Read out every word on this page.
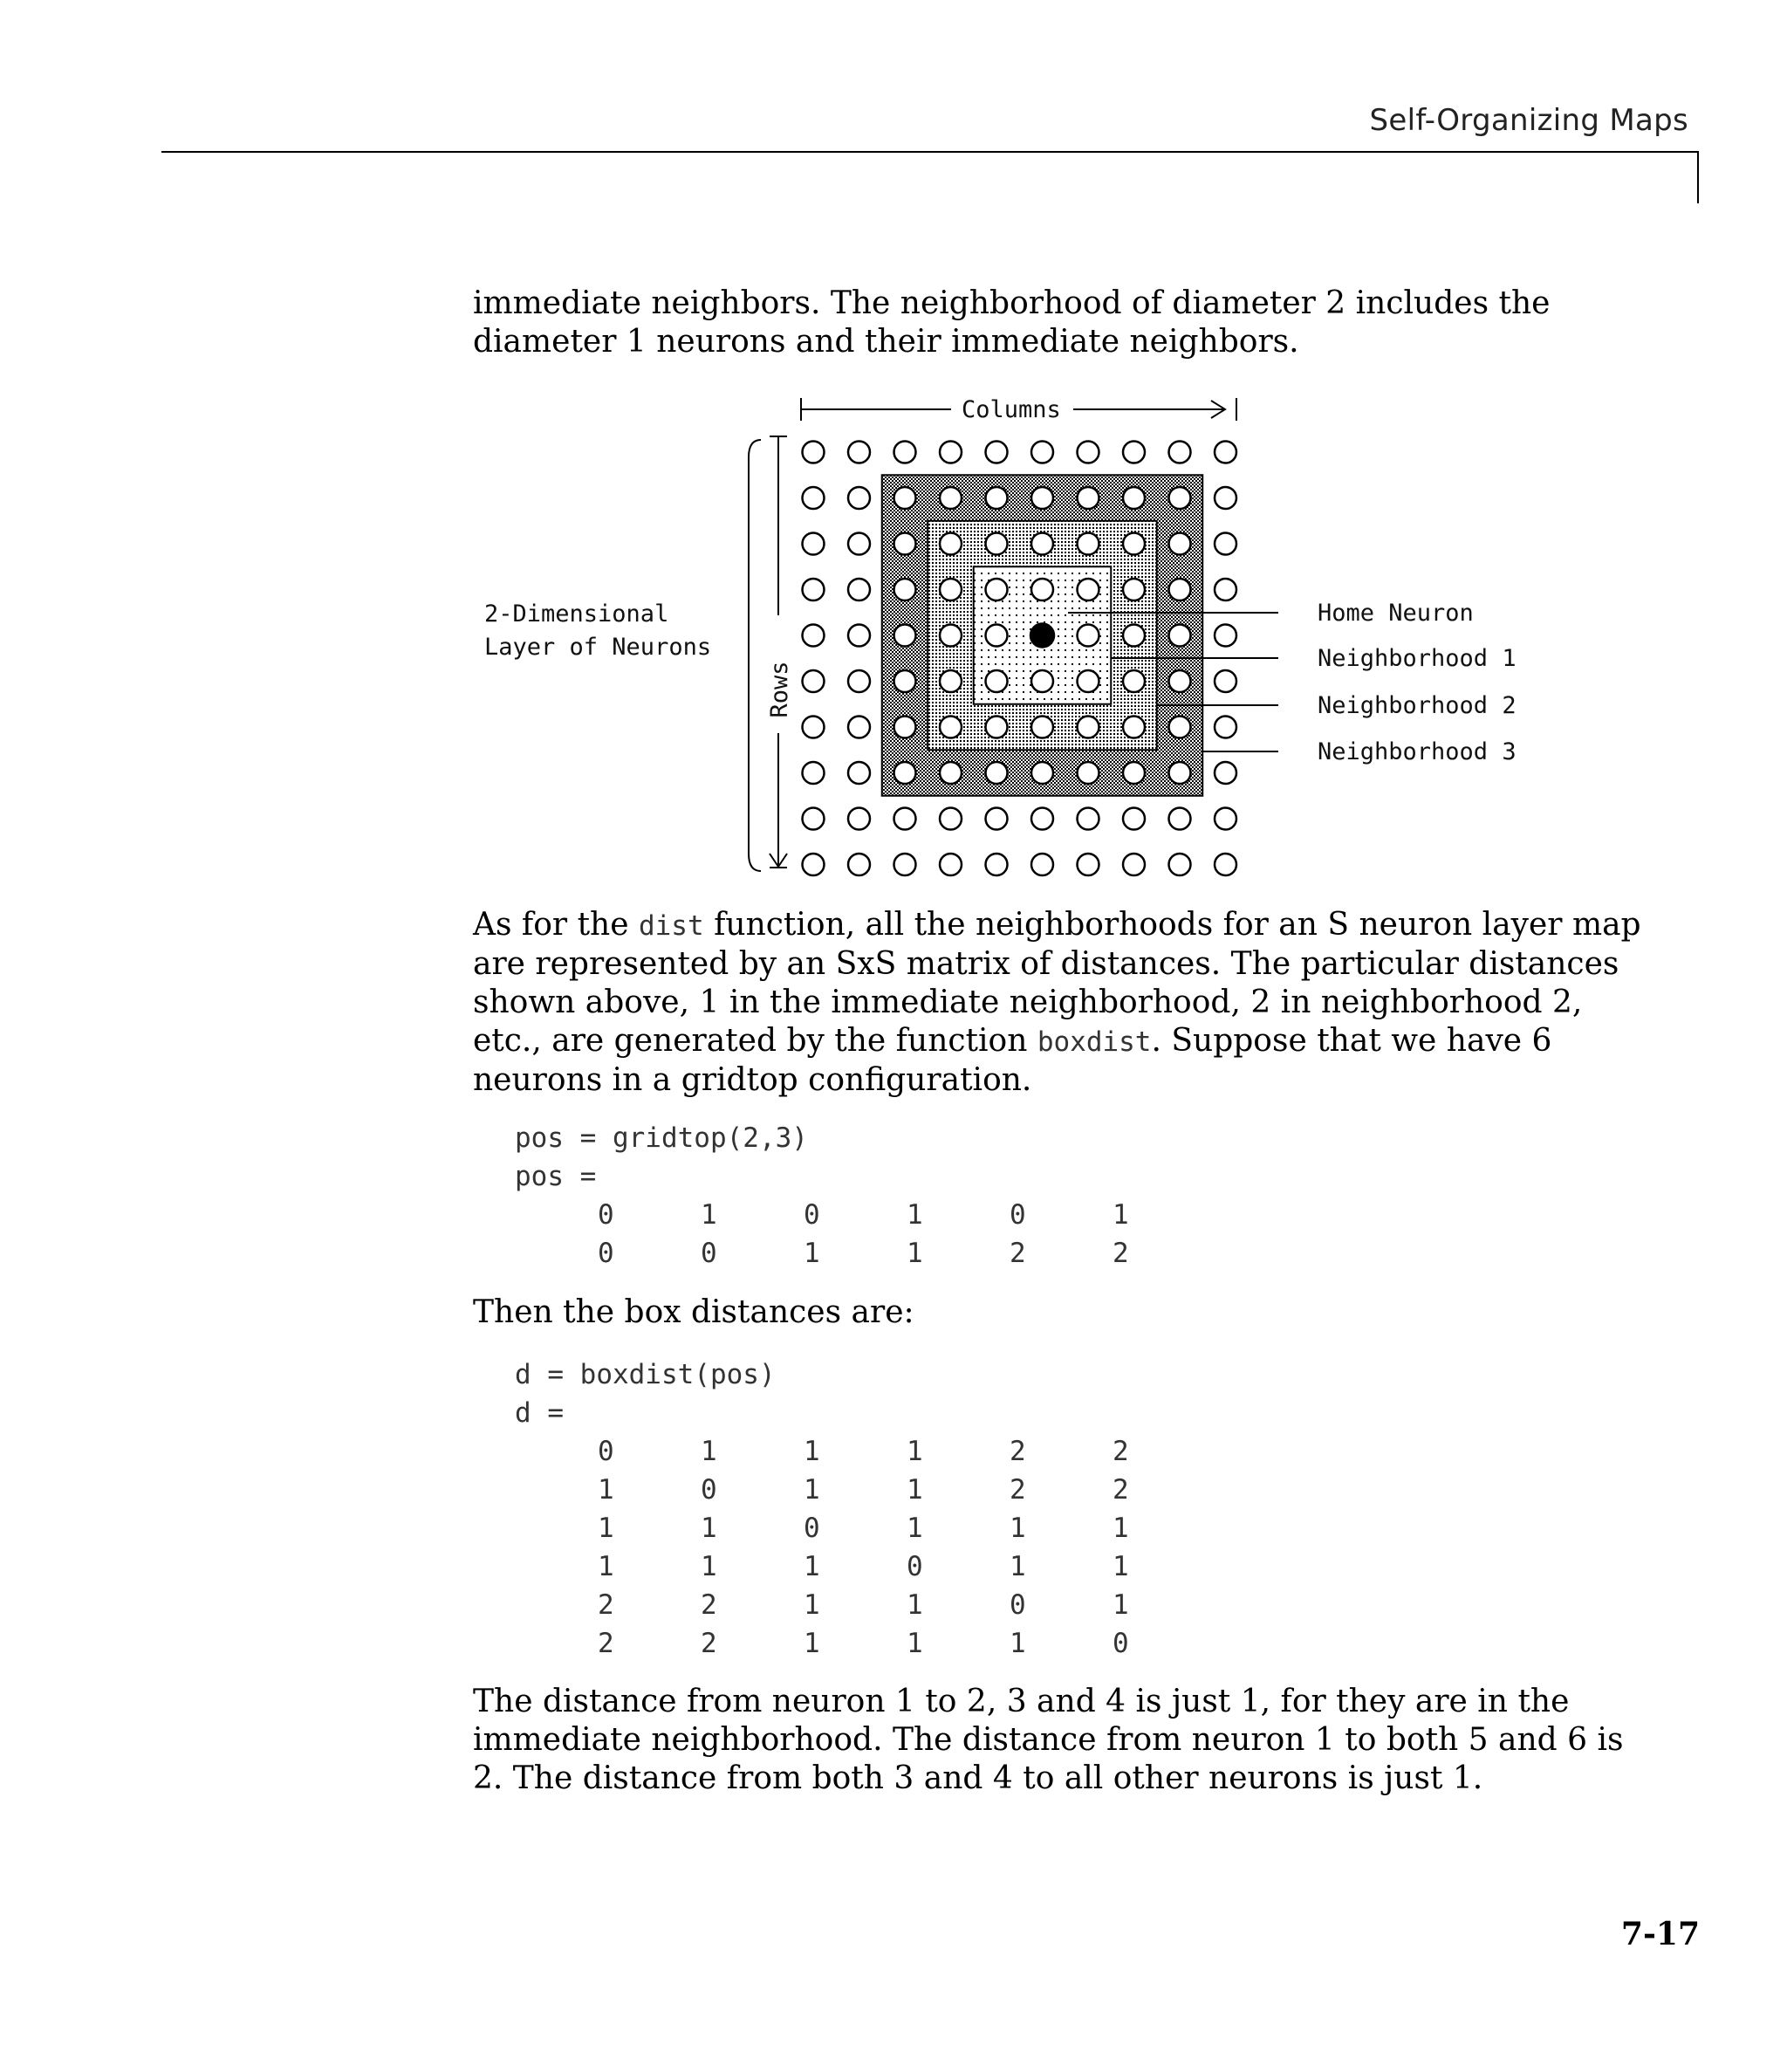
Self-Organizing Maps

immediate neighbors. The neighborhood of diameter 2 includes the diameter 1 neurons and their immediate neighbors.

Columns
Rows
2-Dimensional
Layer of Neurons
Home Neuron
Neighborhood 1
Neighborhood 2
Neighborhood 3

As for the dist function, all the neighborhoods for an S neuron layer map are represented by an SxS matrix of distances. The particular distances shown above, 1 in the immediate neighborhood, 2 in neighborhood 2, etc., are generated by the function boxdist. Suppose that we have 6 neurons in a gridtop configuration.

pos = gridtop(2,3)
pos =
0	1	0	1	0	1
0	0	1	1	2	2

Then the box distances are:

d = boxdist(pos)
d =
0	1	1	1	2	2
1	0	1	1	2	2
1	1	0	1	1	1
1	1	1	0	1	1
2	2	1	1	0	1
2	2	1	1	1	0

The distance from neuron 1 to 2, 3 and 4 is just 1, for they are in the immediate neighborhood. The distance from neuron 1 to both 5 and 6 is 2. The distance from both 3 and 4 to all other neurons is just 1.

7-17
